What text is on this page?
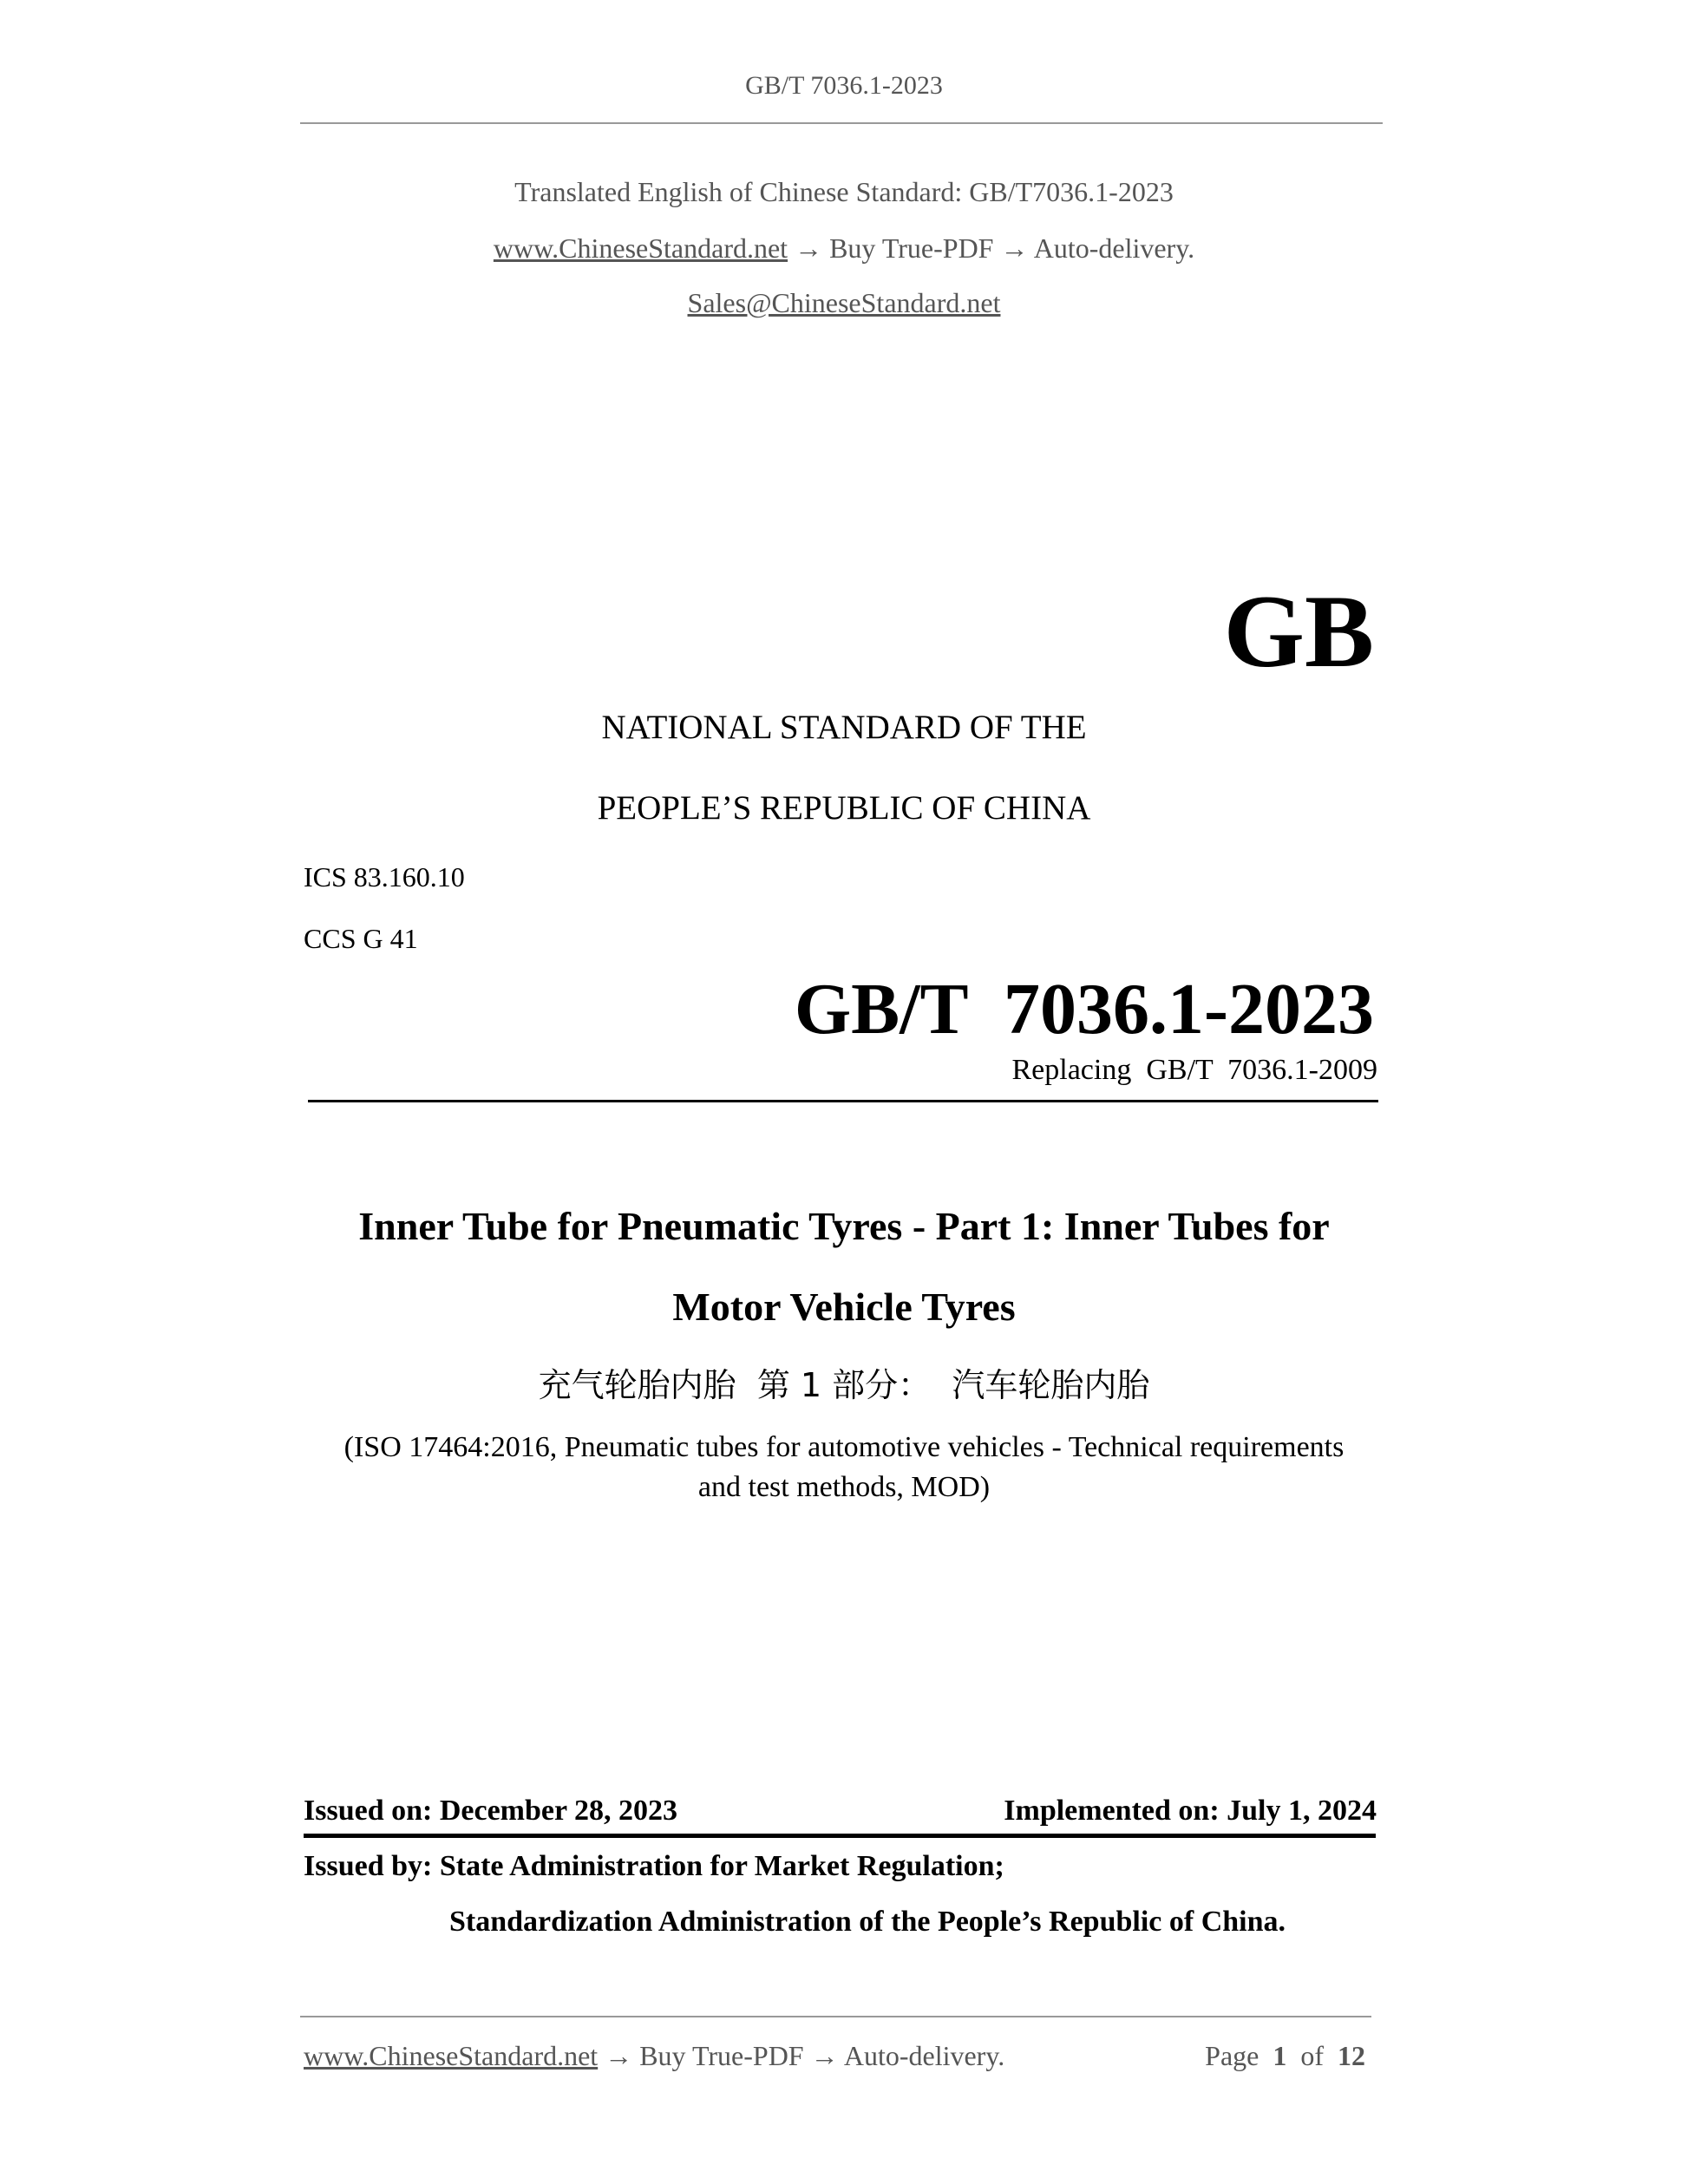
GB/T 7036.1-2023
Translated English of Chinese Standard: GB/T7036.1-2023
www.ChineseStandard.net → Buy True-PDF → Auto-delivery.
Sales@ChineseStandard.net
GB
NATIONAL STANDARD OF THE
PEOPLE’S REPUBLIC OF CHINA
ICS 83.160.10
CCS G 41
GB/T  7036.1-2023
Replacing  GB/T  7036.1-2009
Inner Tube for Pneumatic Tyres - Part 1: Inner Tubes for
Motor Vehicle Tyres
充气轮胎内胎  第 1 部分：  汽车轮胎内胎
(ISO 17464:2016, Pneumatic tubes for automotive vehicles - Technical requirements
and test methods, MOD)
Issued on: December 28, 2023	Implemented on: July 1, 2024
Issued by: State Administration for Market Regulation;
Standardization Administration of the People’s Republic of China.
www.ChineseStandard.net → Buy True-PDF → Auto-delivery.	Page 1 of 12
